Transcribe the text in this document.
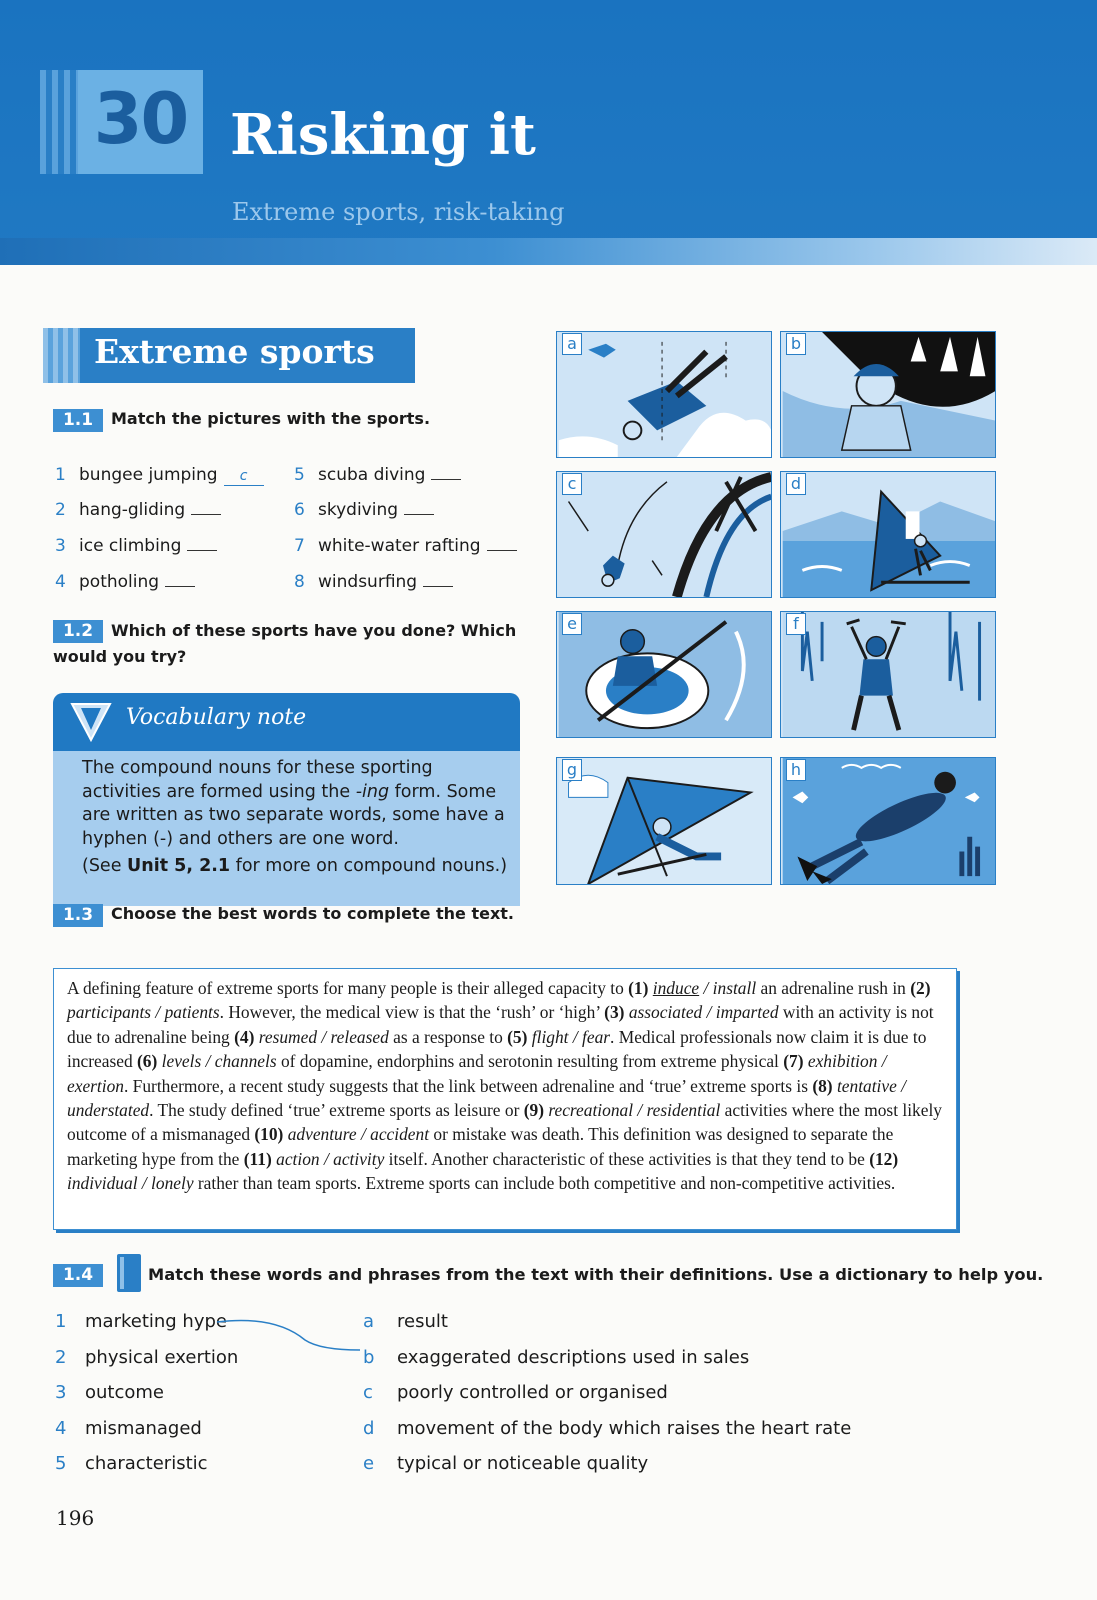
30 Risking it
Extreme sports, risk-taking
Extreme sports
1.1	Match the pictures with the sports.
1 bungee jumping c
2 hang-gliding
3 ice climbing
4 potholing
5 scuba diving
6 skydiving
7 white-water rafting
8 windsurfing
1.2	Which of these sports have you done? Which
would you try?
Vocabulary note
The compound nouns for these sporting activities are formed using the -ing form. Some are written as two separate words, some have a hyphen (-) and others are one word.
(See Unit 5, 2.1 for more on compound nouns.)
a	b
c	d
e	f
g	h
1.3	Choose the best words to complete the text.
A defining feature of extreme sports for many people is their alleged capacity to (1) induce / install an adrenaline rush in (2) participants / patients. However, the medical view is that the ‘rush’ or ‘high’ (3) associated / imparted with an activity is not due to adrenaline being (4) resumed / released as a response to (5) flight / fear. Medical professionals now claim it is due to increased (6) levels / channels of dopamine, endorphins and serotonin resulting from extreme physical (7) exhibition / exertion. Furthermore, a recent study suggests that the link between adrenaline and ‘true’ extreme sports is (8) tentative / understated. The study defined ‘true’ extreme sports as leisure or (9) recreational / residential activities where the most likely outcome of a mismanaged (10) adventure / accident or mistake was death. This definition was designed to separate the marketing hype from the (11) action / activity itself. Another characteristic of these activities is that they tend to be (12) individual / lonely rather than team sports. Extreme sports can include both competitive and non-competitive activities.
1.4	Match these words and phrases from the text with their definitions. Use a dictionary to help you.
1 marketing hype
2 physical exertion
3 outcome
4 mismanaged
5 characteristic
a result
b exaggerated descriptions used in sales
c poorly controlled or organised
d movement of the body which raises the heart rate
e typical or noticeable quality
196
